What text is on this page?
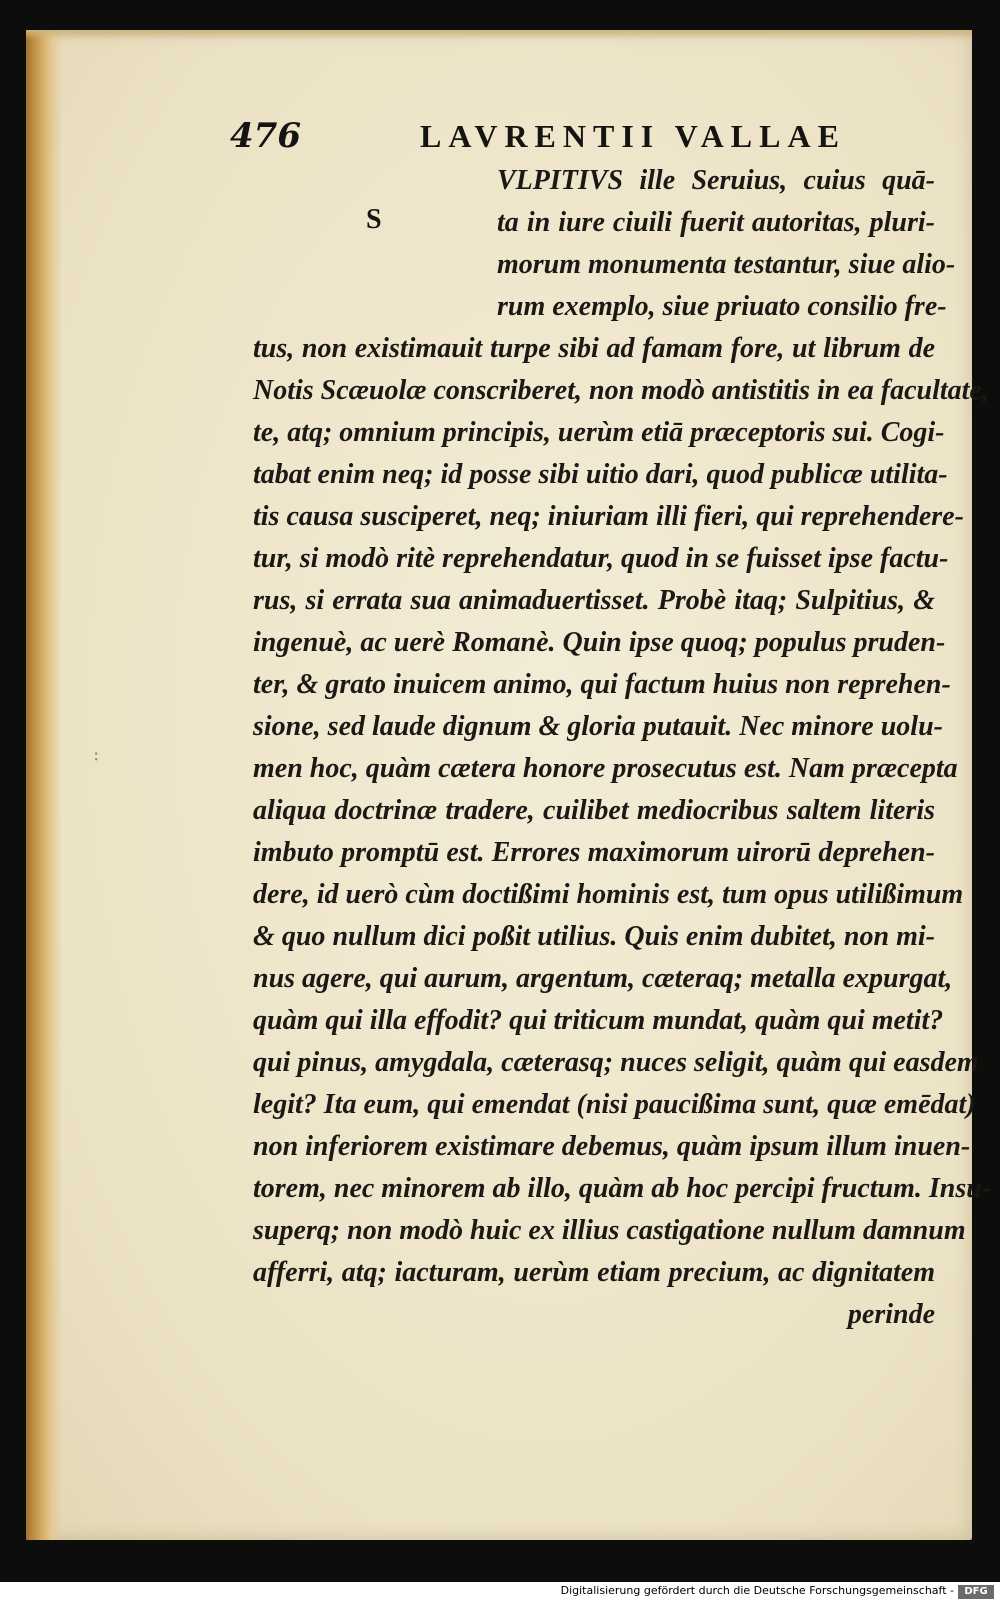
··
476	LAVRENTII VALLAE
S
VLPITIVS ille Seruius, cuius quā-
ta in iure ciuili fuerit autoritas, pluri-
morum monumenta testantur, siue alio-
rum exemplo, siue priuato consilio fre-
tus, non existimauit turpe sibi ad famam fore, ut librum de
Notis Scæuolæ conscriberet, non modò antistitis in ea facultate,
te, atq; omnium principis, uerùm etiā præceptoris sui. Cogi-
tabat enim neq; id posse sibi uitio dari, quod publicæ utilita-
tis causa susciperet, neq; iniuriam illi fieri, qui reprehendere-
tur, si modò ritè reprehendatur, quod in se fuisset ipse factu-
rus, si errata sua animaduertisset. Probè itaq; Sulpitius, &
ingenuè, ac uerè Romanè. Quin ipse quoq; populus pruden-
ter, & grato inuicem animo, qui factum huius non reprehen-
sione, sed laude dignum & gloria putauit. Nec minore uolu-
men hoc, quàm cætera honore prosecutus est. Nam præcepta
aliqua doctrinæ tradere, cuilibet mediocribus saltem literis
imbuto promptū est. Errores maximorum uirorū deprehen-
dere, id uerò cùm doctißimi hominis est, tum opus utilißimum
& quo nullum dici poßit utilius. Quis enim dubitet, non mi-
nus agere, qui aurum, argentum, cæteraq; metalla expurgat,
quàm qui illa effodit? qui triticum mundat, quàm qui metit?
qui pinus, amygdala, cæterasq; nuces seligit, quàm qui easdem
legit? Ita eum, qui emendat (nisi paucißima sunt, quæ emēdat)
non inferiorem existimare debemus, quàm ipsum illum inuen-
torem, nec minorem ab illo, quàm ab hoc percipi fructum. Insu-
superq; non modò huic ex illius castigatione nullum damnum
afferri, atq; iacturam, uerùm etiam precium, ac dignitatem
perinde
Digitalisierung gefördert durch die Deutsche Forschungsgemeinschaft -	DFG
